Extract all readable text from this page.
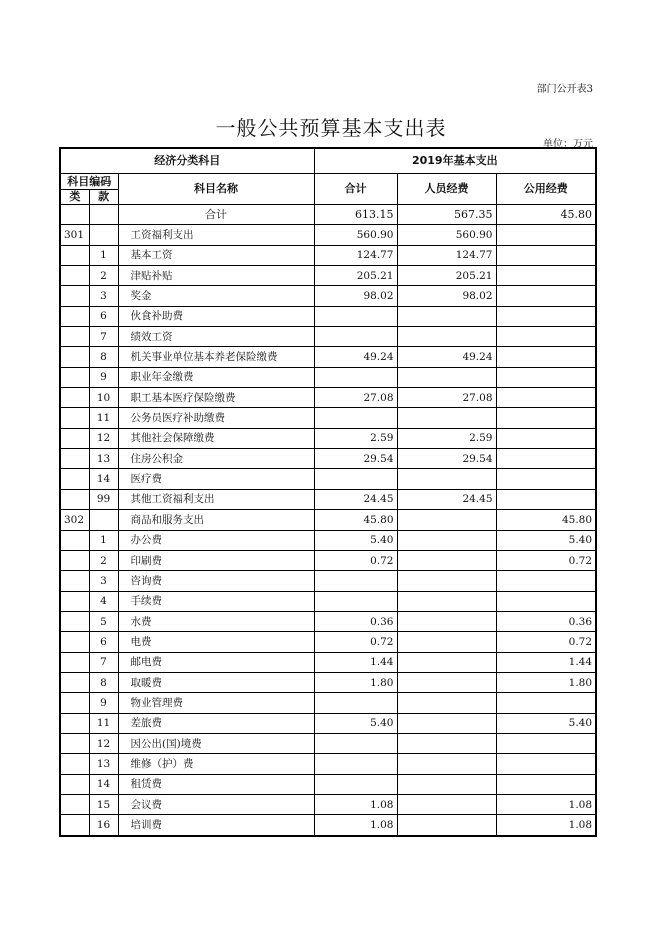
部门公开表3
一般公共预算基本支出表
单位：万元
经济分类科目			2019年基本支出		

科目编码
类 款		科目名称	合计	人员经费	公用经费
		合计	613.15	567.35	45.80
301		工资福利支出	560.90	560.90	
	1	基本工资	124.77	124.77	
	2	津贴补贴	205.21	205.21	
	3	奖金	98.02	98.02	
	6	伙食补助费			
	7	绩效工资			
	8	机关事业单位基本养老保险缴费	49.24	49.24	
	9	职业年金缴费			
	10	职工基本医疗保险缴费	27.08	27.08	
	11	公务员医疗补助缴费			
	12	其他社会保障缴费	2.59	2.59	
	13	住房公积金	29.54	29.54	
	14	医疗费			
	99	其他工资福利支出	24.45	24.45	
302		商品和服务支出	45.80		45.80
	1	办公费	5.40		5.40
	2	印刷费	0.72		0.72
	3	咨询费			
	4	手续费			
	5	水费	0.36		0.36
	6	电费	0.72		0.72
	7	邮电费	1.44		1.44
	8	取暖费	1.80		1.80
	9	物业管理费			
	11	差旅费	5.40		5.40
	12	因公出(国)境费			
	13	维修（护）费			
	14	租赁费			
	15	会议费	1.08		1.08
	16	培训费	1.08		1.08
